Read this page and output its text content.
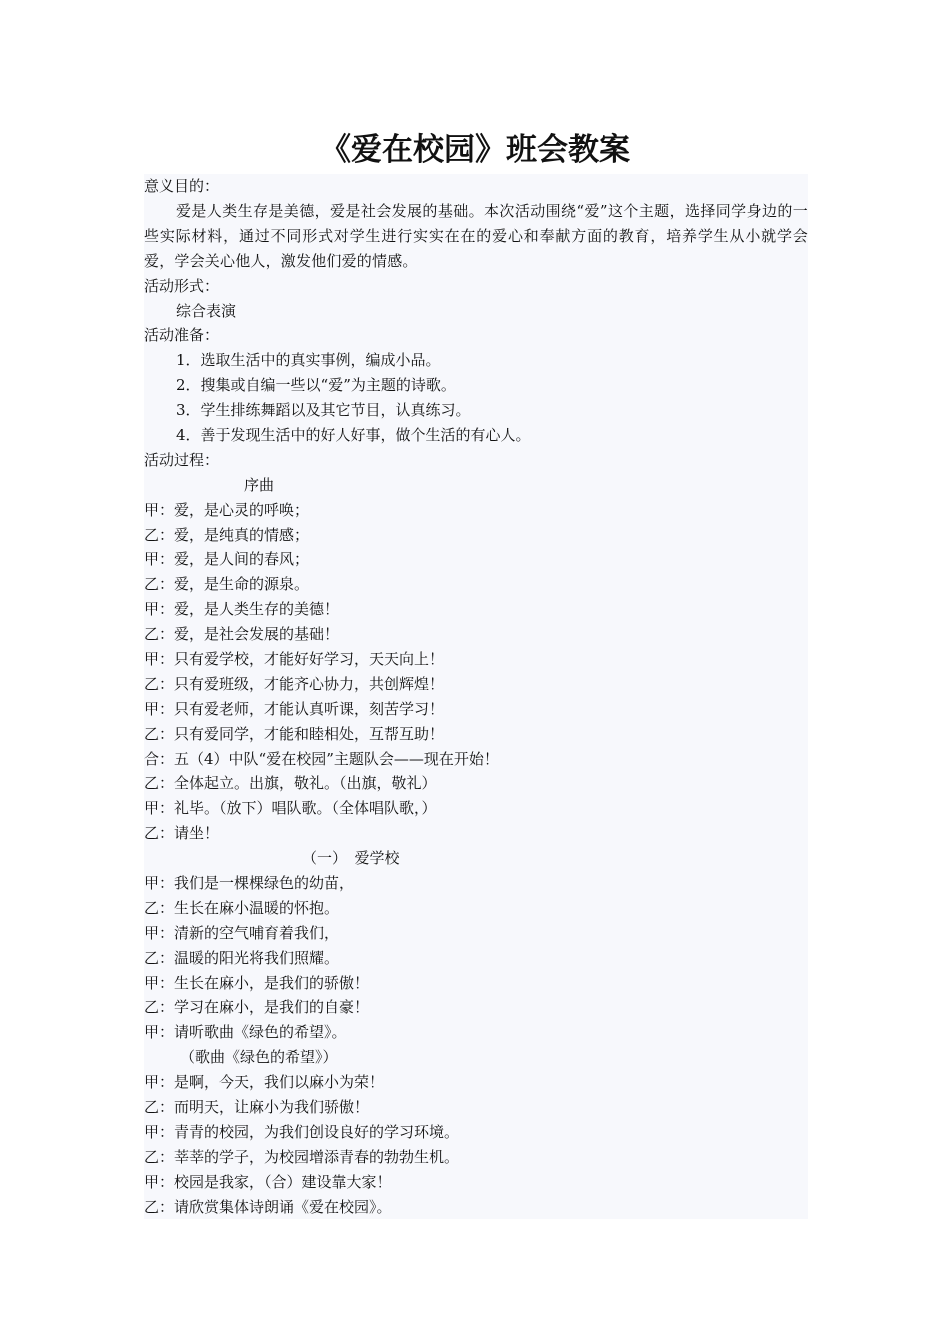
《爱在校园》班会教案
意义目的：
爱是人类生存是美德，爱是社会发展的基础。本次活动围绕“爱”这个主题，选择同学身边的一些实际材料，通过不同形式对学生进行实实在在的爱心和奉献方面的教育，培养学生从小就学会爱，学会关心他人，激发他们爱的情感。
活动形式：
综合表演
活动准备：
1．选取生活中的真实事例，编成小品。
2．搜集或自编一些以“爱”为主题的诗歌。
3．学生排练舞蹈以及其它节目，认真练习。
4．善于发现生活中的好人好事，做个生活的有心人。
活动过程：
序曲
甲：爱，是心灵的呼唤；
乙：爱，是纯真的情感；
甲：爱，是人间的春风；
乙：爱，是生命的源泉。
甲：爱，是人类生存的美德！
乙：爱，是社会发展的基础！
甲：只有爱学校，才能好好学习，天天向上！
乙：只有爱班级，才能齐心协力，共创辉煌！
甲：只有爱老师，才能认真听课，刻苦学习！
乙：只有爱同学，才能和睦相处，互帮互助！
合：五（4）中队“爱在校园”主题队会——现在开始！
乙：全体起立。出旗，敬礼。（出旗，敬礼）
甲：礼毕。（放下）唱队歌。（全体唱队歌，）
乙：请坐！
（一）　爱学校
甲：我们是一棵棵绿色的幼苗，
乙：生长在麻小温暖的怀抱。
甲：清新的空气哺育着我们，
乙：温暖的阳光将我们照耀。
甲：生长在麻小，是我们的骄傲！
乙：学习在麻小，是我们的自豪！
甲：请听歌曲《绿色的希望》。
（歌曲《绿色的希望》）
甲：是啊，今天，我们以麻小为荣！
乙：而明天，让麻小为我们骄傲！
甲：青青的校园，为我们创设良好的学习环境。
乙：莘莘的学子，为校园增添青春的勃勃生机。
甲：校园是我家，（合）建设靠大家！
乙：请欣赏集体诗朗诵《爱在校园》。
